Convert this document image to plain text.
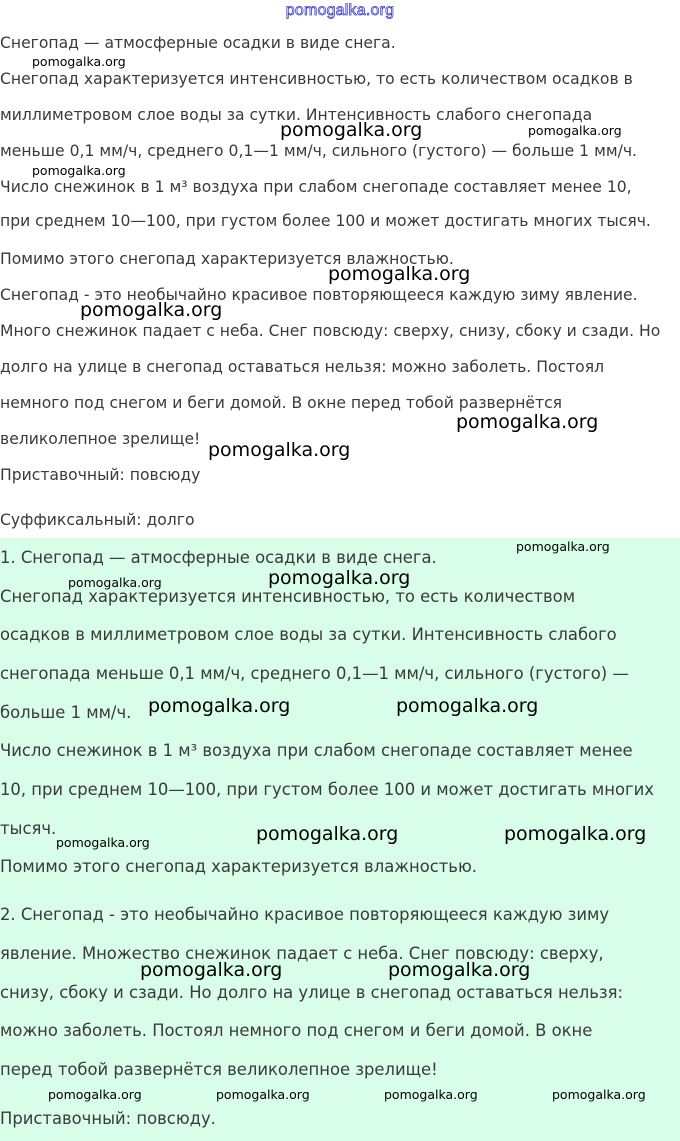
pomogalka.org
Снегопад — атмосферные осадки в виде снега.
Снегопад характеризуется интенсивностью, то есть количеством осадков в
миллиметровом слое воды за сутки. Интенсивность слабого снегопада
меньше 0,1 мм/ч, среднего 0,1—1 мм/ч, сильного (густого) — больше 1 мм/ч.
Число снежинок в 1 м³ воздуха при слабом снегопаде составляет менее 10,
при среднем 10—100, при густом более 100 и может достигать многих тысяч.
Помимо этого снегопад характеризуется влажностью.
Снегопад - это необычайно красивое повторяющееся каждую зиму явление.
Много снежинок падает с неба. Снег повсюду: сверху, снизу, сбоку и сзади. Но
долго на улице в снегопад оставаться нельзя: можно заболеть. Постоял
немного под снегом и беги домой. В окне перед тобой развернётся
великолепное зрелище!
Приставочный: повсюду
Суффиксальный: долго
1. Снегопад — атмосферные осадки в виде снега.
Снегопад характеризуется интенсивностью, то есть количеством
осадков в миллиметровом слое воды за сутки. Интенсивность слабого
снегопада меньше 0,1 мм/ч, среднего 0,1—1 мм/ч, сильного (густого) —
больше 1 мм/ч.
Число снежинок в 1 м³ воздуха при слабом снегопаде составляет менее
10, при среднем 10—100, при густом более 100 и может достигать многих
тысяч.
Помимо этого снегопад характеризуется влажностью.
2. Снегопад - это необычайно красивое повторяющееся каждую зиму
явление. Множество снежинок падает с неба. Снег повсюду: сверху,
снизу, сбоку и сзади. Но долго на улице в снегопад оставаться нельзя:
можно заболеть. Постоял немного под снегом и беги домой. В окне
перед тобой развернётся великолепное зрелище!
Приставочный: повсюду.
pomogalka.org
pomogalka.org
pomogalka.org	pomogalka.org
pomogalka.org
pomogalka.org
pomogalka.org
pomogalka.org
pomogalka.org
pomogalka.org	pomogalka.org
pomogalka.org	pomogalka.org
pomogalka.org	pomogalka.org	pomogalka.org
pomogalka.org	pomogalka.org
pomogalka.org	pomogalka.org	pomogalka.org	pomogalka.org
